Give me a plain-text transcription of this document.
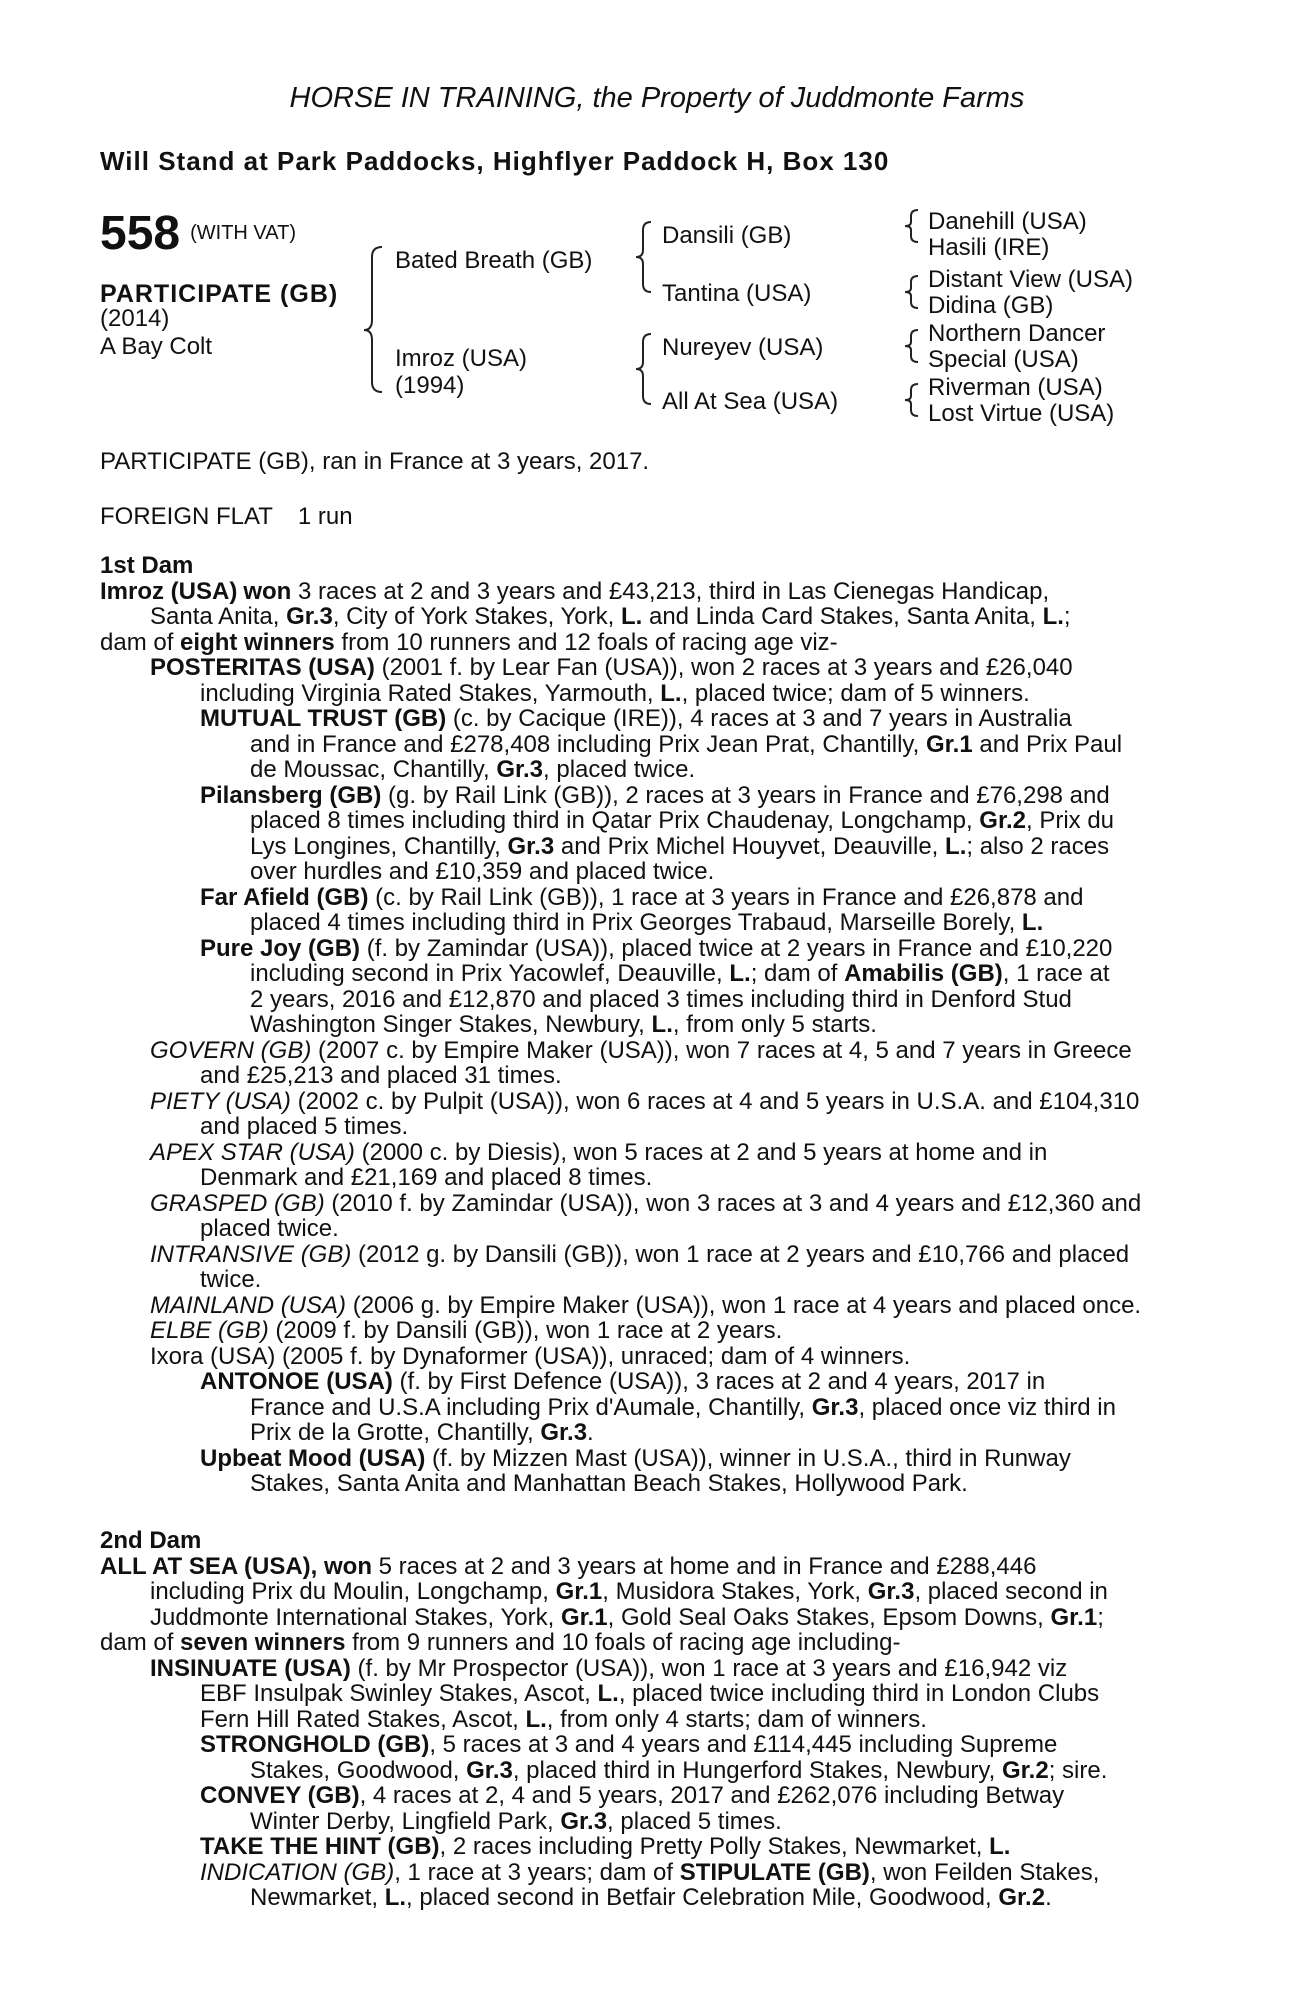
HORSE IN TRAINING, the Property of Juddmonte Farms
Will Stand at Park Paddocks, Highflyer Paddock H, Box 130
558 $^{(WITH VAT)}$
PARTICIPATE (GB)
(2014)
A Bay Colt
Bated Breath (GB)
Imroz (USA)
(1994)
Dansili (GB)
Tantina (USA)
Nureyev (USA)
All At Sea (USA)
Danehill (USA)
Hasili (IRE)
Distant View (USA)
Didina (GB)
Northern Dancer
Special (USA)
Riverman (USA)
Lost Virtue (USA)
PARTICIPATE (GB), ran in France at 3 years, 2017.
FOREIGN FLAT 1 run
1st Dam
Imroz (USA) won 3 races at 2 and 3 years and £43,213, third in Las Cienegas Handicap,
Santa Anita, Gr.3, City of York Stakes, York, L. and Linda Card Stakes, Santa Anita, L.;
dam of eight winners from 10 runners and 12 foals of racing age viz-
POSTERITAS (USA) (2001 f. by Lear Fan (USA)), won 2 races at 3 years and £26,040
including Virginia Rated Stakes, Yarmouth, L., placed twice; dam of 5 winners.
MUTUAL TRUST (GB) (c. by Cacique (IRE)), 4 races at 3 and 7 years in Australia
and in France and £278,408 including Prix Jean Prat, Chantilly, Gr.1 and Prix Paul
de Moussac, Chantilly, Gr.3, placed twice.
Pilansberg (GB) (g. by Rail Link (GB)), 2 races at 3 years in France and £76,298 and
placed 8 times including third in Qatar Prix Chaudenay, Longchamp, Gr.2, Prix du
Lys Longines, Chantilly, Gr.3 and Prix Michel Houyvet, Deauville, L.; also 2 races
over hurdles and £10,359 and placed twice.
Far Afield (GB) (c. by Rail Link (GB)), 1 race at 3 years in France and £26,878 and
placed 4 times including third in Prix Georges Trabaud, Marseille Borely, L.
Pure Joy (GB) (f. by Zamindar (USA)), placed twice at 2 years in France and £10,220
including second in Prix Yacowlef, Deauville, L.; dam of Amabilis (GB), 1 race at
2 years, 2016 and £12,870 and placed 3 times including third in Denford Stud
Washington Singer Stakes, Newbury, L., from only 5 starts.
GOVERN (GB) (2007 c. by Empire Maker (USA)), won 7 races at 4, 5 and 7 years in Greece
and £25,213 and placed 31 times.
PIETY (USA) (2002 c. by Pulpit (USA)), won 6 races at 4 and 5 years in U.S.A. and £104,310
and placed 5 times.
APEX STAR (USA) (2000 c. by Diesis), won 5 races at 2 and 5 years at home and in
Denmark and £21,169 and placed 8 times.
GRASPED (GB) (2010 f. by Zamindar (USA)), won 3 races at 3 and 4 years and £12,360 and
placed twice.
INTRANSIVE (GB) (2012 g. by Dansili (GB)), won 1 race at 2 years and £10,766 and placed
twice.
MAINLAND (USA) (2006 g. by Empire Maker (USA)), won 1 race at 4 years and placed once.
ELBE (GB) (2009 f. by Dansili (GB)), won 1 race at 2 years.
Ixora (USA) (2005 f. by Dynaformer (USA)), unraced; dam of 4 winners.
ANTONOE (USA) (f. by First Defence (USA)), 3 races at 2 and 4 years, 2017 in
France and U.S.A including Prix d'Aumale, Chantilly, Gr.3, placed once viz third in
Prix de la Grotte, Chantilly, Gr.3.
Upbeat Mood (USA) (f. by Mizzen Mast (USA)), winner in U.S.A., third in Runway
Stakes, Santa Anita and Manhattan Beach Stakes, Hollywood Park.
2nd Dam
ALL AT SEA (USA), won 5 races at 2 and 3 years at home and in France and £288,446
including Prix du Moulin, Longchamp, Gr.1, Musidora Stakes, York, Gr.3, placed second in
Juddmonte International Stakes, York, Gr.1, Gold Seal Oaks Stakes, Epsom Downs, Gr.1;
dam of seven winners from 9 runners and 10 foals of racing age including-
INSINUATE (USA) (f. by Mr Prospector (USA)), won 1 race at 3 years and £16,942 viz
EBF Insulpak Swinley Stakes, Ascot, L., placed twice including third in London Clubs
Fern Hill Rated Stakes, Ascot, L., from only 4 starts; dam of winners.
STRONGHOLD (GB), 5 races at 3 and 4 years and £114,445 including Supreme
Stakes, Goodwood, Gr.3, placed third in Hungerford Stakes, Newbury, Gr.2; sire.
CONVEY (GB), 4 races at 2, 4 and 5 years, 2017 and £262,076 including Betway
Winter Derby, Lingfield Park, Gr.3, placed 5 times.
TAKE THE HINT (GB), 2 races including Pretty Polly Stakes, Newmarket, L.
INDICATION (GB), 1 race at 3 years; dam of STIPULATE (GB), won Feilden Stakes,
Newmarket, L., placed second in Betfair Celebration Mile, Goodwood, Gr.2.
